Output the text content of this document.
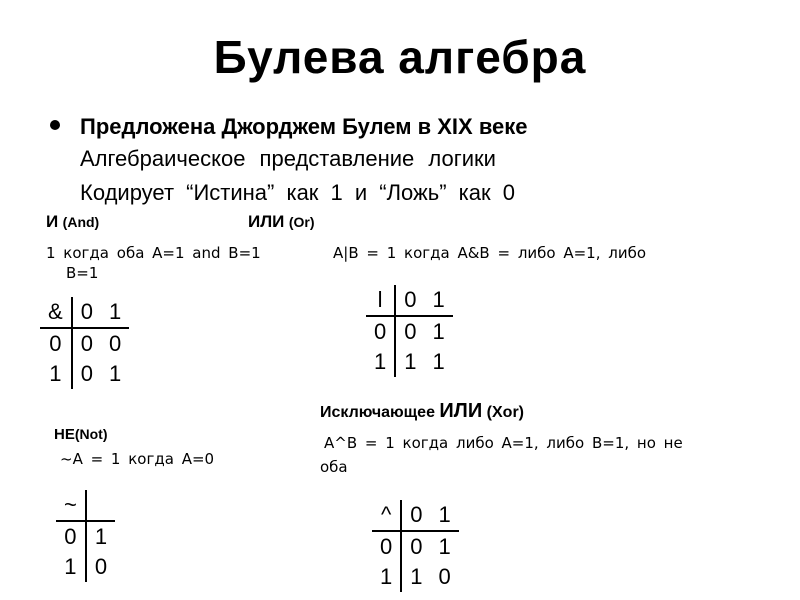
Булева алгебра
Предложена Джорджем Булем в XIX веке
Алгебраическое представление логики
Кодирует “Истина” как 1 и “Ложь” как 0
И (And)
1 когда оба A=1 and B=1
&	0	1
0	0	0
1	0	1
ИЛИ (Or)
A|B = 1 когда A&B = либо A=1, либо
B=1
l	0	1
0	0	1
1	1	1
Исключающее ИЛИ (Xor)
A^B = 1 когда либо A=1, либо B=1, но не
оба
^	0	1
0	0	1
1	1	0
НЕ(Not)
~A = 1 когда A=0
~	
0	1
1	0
